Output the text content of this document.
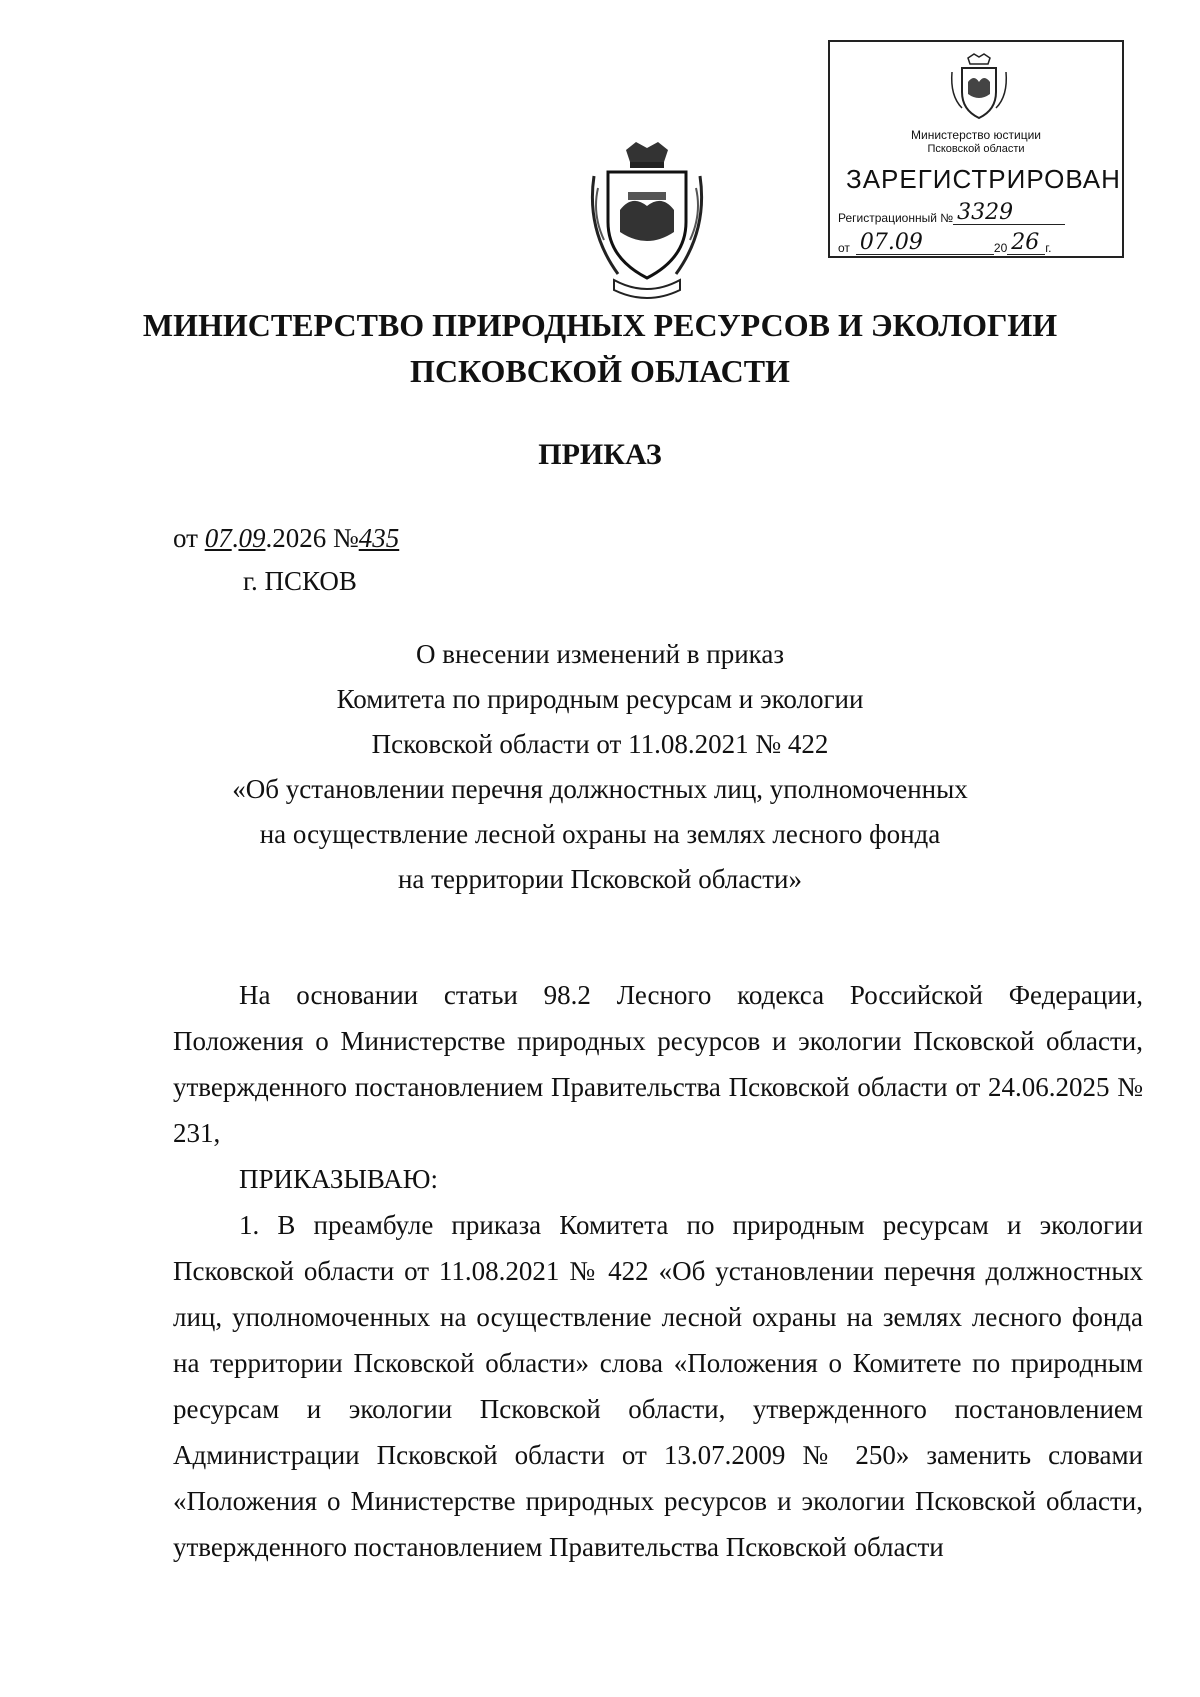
Министерство юстиции
Псковской области
ЗАРЕГИСТРИРОВАН
Регистрационный № 3329
от 07.09	20 26 г.
МИНИСТЕРСТВО ПРИРОДНЫХ РЕСУРСОВ И ЭКОЛОГИИ
ПСКОВСКОЙ ОБЛАСТИ
ПРИКАЗ
от 07.09.2026 №435
г. ПСКОВ
О внесении изменений в приказ
Комитета по природным ресурсам и экологии
Псковской области от 11.08.2021 № 422
«Об установлении перечня должностных лиц, уполномоченных
на осуществление лесной охраны на землях лесного фонда
на территории Псковской области»

На основании статьи 98.2 Лесного кодекса Российской Федерации, Положения о Министерстве природных ресурсов и экологии Псковской области, утвержденного постановлением Правительства Псковской области от 24.06.2025 № 231,

ПРИКАЗЫВАЮ:

1. В преамбуле приказа Комитета по природным ресурсам и экологии Псковской области от 11.08.2021 № 422 «Об установлении перечня должностных лиц, уполномоченных на осуществление лесной охраны на землях лесного фонда на территории Псковской области» слова «Положения о Комитете по природным ресурсам и экологии Псковской области, утвержденного постановлением Администрации Псковской области от 13.07.2009 № 250» заменить словами «Положения о Министерстве природных ресурсов и экологии Псковской области, утвержденного постановлением Правительства Псковской области
